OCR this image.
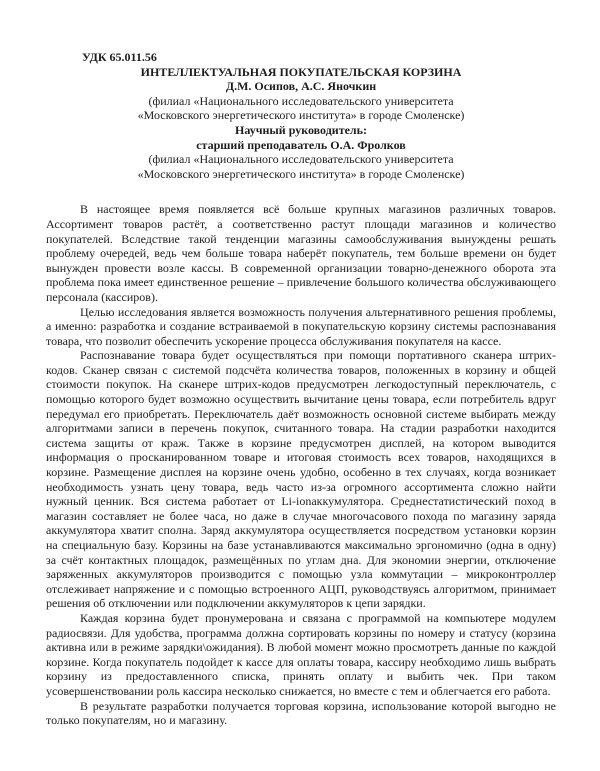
УДК 65.011.56
ИНТЕЛЛЕКТУАЛЬНАЯ ПОКУПАТЕЛЬСКАЯ КОРЗИНА
Д.М. Осипов, А.С. Яночкин
(филиал «Национального исследовательского университета
«Московского энергетического института» в городе Смоленске)
Научный руководитель:
старший преподаватель О.А. Фролков
(филиал «Национального исследовательского университета
«Московского энергетического института» в городе Смоленске)

В настоящее время появляется всё больше крупных магазинов различных товаров. Ассортимент товаров растёт, а соответственно растут площади магазинов и количество покупателей. Вследствие такой тенденции магазины самообслуживания вынуждены решать проблему очередей, ведь чем больше товара наберёт покупатель, тем больше времени он будет вынужден провести возле кассы. В современной организации товарно-денежного оборота эта проблема пока имеет единственное решение – привлечение большого количества обслуживающего персонала (кассиров).

Целью исследования является возможность получения альтернативного решения проблемы, а именно: разработка и создание встраиваемой в покупательскую корзину системы распознавания товара, что позволит обеспечить ускорение процесса обслуживания покупателя на кассе.

Распознавание товара будет осуществляться при помощи портативного сканера штрих-кодов. Сканер связан с системой подсчёта количества товаров, положенных в корзину и общей стоимости покупок. На сканере штрих-кодов предусмотрен легкодоступный переключатель, с помощью которого будет возможно осуществить вычитание цены товара, если потребитель вдруг передумал его приобретать. Переключатель даёт возможность основной системе выбирать между алгоритмами записи в перечень покупок, считанного товара. На стадии разработки находится система защиты от краж. Также в корзине предусмотрен дисплей, на котором выводится информация о просканированном товаре и итоговая стоимость всех товаров, находящихся в корзине. Размещение дисплея на корзине очень удобно, особенно в тех случаях, когда возникает необходимость узнать цену товара, ведь часто из-за огромного ассортимента сложно найти нужный ценник. Вся система работает от Li-ionаккумулятора. Среднестатистический поход в магазин составляет не более часа, но даже в случае многочасового похода по магазину заряда аккумулятора хватит сполна. Заряд аккумулятора осуществляется посредством установки корзин на специальную базу. Корзины на базе устанавливаются максимально эргономично (одна в одну) за счёт контактных площадок, размещённых по углам дна. Для экономии энергии, отключение заряженных аккумуляторов производится с помощью узла коммутации – микроконтроллер отслеживает напряжение и с помощью встроенного АЦП, руководствуясь алгоритмом, принимает решения об отключении или подключении аккумуляторов к цепи зарядки.

Каждая корзина будет пронумерована и связана с программой на компьютере модулем радиосвязи. Для удобства, программа должна сортировать корзины по номеру и статусу (корзина активна или в режиме зарядки\ожидания). В любой момент можно просмотреть данные по каждой корзине. Когда покупатель подойдет к кассе для оплаты товара, кассиру необходимо лишь выбрать корзину из предоставленного списка, принять оплату и выбить чек. При таком усовершенствовании роль кассира несколько снижается, но вместе с тем и облегчается его работа.

В результате разработки получается торговая корзина, использование которой выгодно не только покупателям, но и магазину.
